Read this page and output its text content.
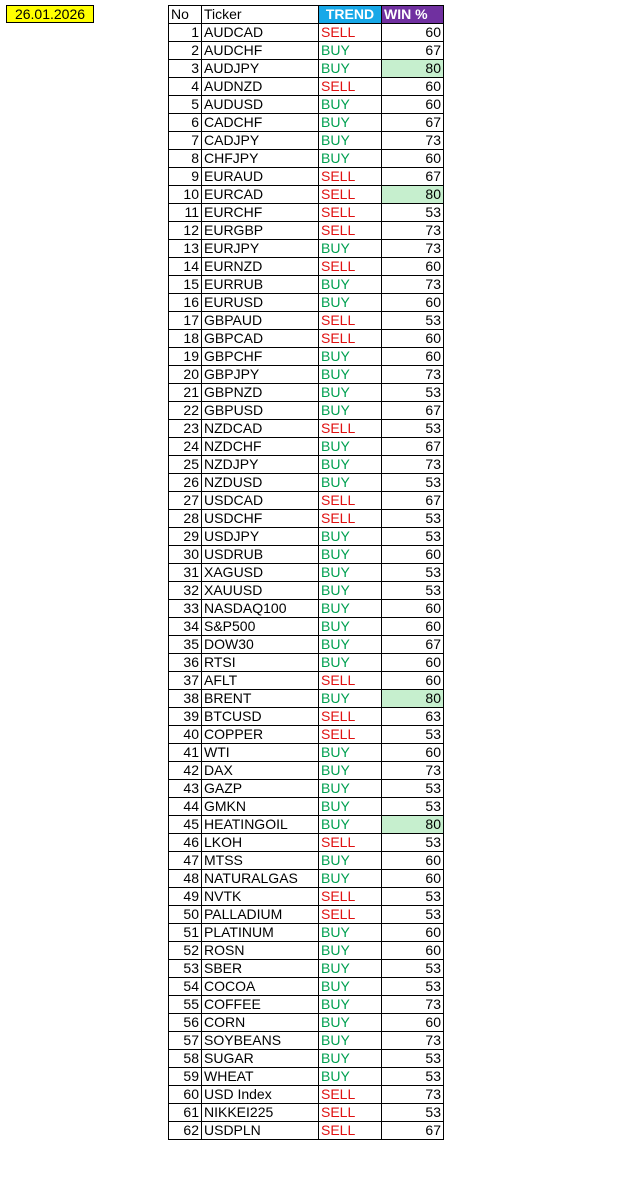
26.01.2026	No	Ticker	TREND	WIN %
1	AUDCAD	SELL	60
2	AUDCHF	BUY	67
3	AUDJPY	BUY	80
4	AUDNZD	SELL	60
5	AUDUSD	BUY	60
6	CADCHF	BUY	67
7	CADJPY	BUY	73
8	CHFJPY	BUY	60
9	EURAUD	SELL	67
10	EURCAD	SELL	80
11	EURCHF	SELL	53
12	EURGBP	SELL	73
13	EURJPY	BUY	73
14	EURNZD	SELL	60
15	EURRUB	BUY	73
16	EURUSD	BUY	60
17	GBPAUD	SELL	53
18	GBPCAD	SELL	60
19	GBPCHF	BUY	60
20	GBPJPY	BUY	73
21	GBPNZD	BUY	53
22	GBPUSD	BUY	67
23	NZDCAD	SELL	53
24	NZDCHF	BUY	67
25	NZDJPY	BUY	73
26	NZDUSD	BUY	53
27	USDCAD	SELL	67
28	USDCHF	SELL	53
29	USDJPY	BUY	53
30	USDRUB	BUY	60
31	XAGUSD	BUY	53
32	XAUUSD	BUY	53
33	NASDAQ100	BUY	60
34	S&P500	BUY	60
35	DOW30	BUY	67
36	RTSI	BUY	60
37	AFLT	SELL	60
38	BRENT	BUY	80
39	BTCUSD	SELL	63
40	COPPER	SELL	53
41	WTI	BUY	60
42	DAX	BUY	73
43	GAZP	BUY	53
44	GMKN	BUY	53
45	HEATINGOIL	BUY	80
46	LKOH	SELL	53
47	MTSS	BUY	60
48	NATURALGAS	BUY	60
49	NVTK	SELL	53
50	PALLADIUM	SELL	53
51	PLATINUM	BUY	60
52	ROSN	BUY	60
53	SBER	BUY	53
54	COCOA	BUY	53
55	COFFEE	BUY	73
56	CORN	BUY	60
57	SOYBEANS	BUY	73
58	SUGAR	BUY	53
59	WHEAT	BUY	53
60	USD Index	SELL	73
61	NIKKEI225	SELL	53
62	USDPLN	SELL	67
